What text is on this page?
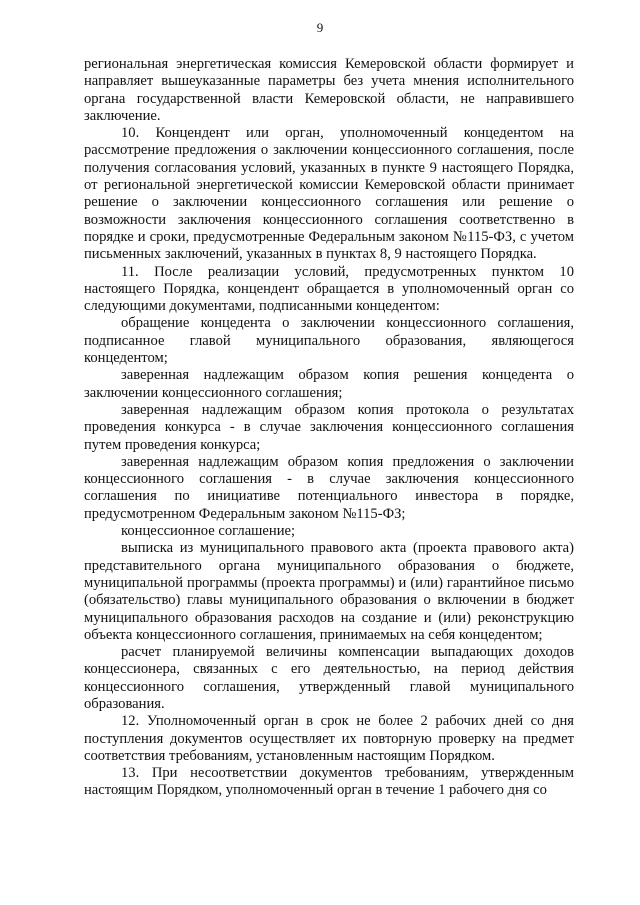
9

региональная энергетическая комиссия Кемеровской области формирует и направляет вышеуказанные параметры без учета мнения исполнительного органа государственной власти Кемеровской области, не направившего заключение.

10. Концендент или орган, уполномоченный концедентом на рассмотрение предложения о заключении концессионного соглашения, после получения согласования условий, указанных в пункте 9 настоящего Порядка, от региональной энергетической комиссии Кемеровской области принимает решение о заключении концессионного соглашения или решение о возможности заключения концессионного соглашения соответственно в порядке и сроки, предусмотренные Федеральным законом №115-ФЗ, с учетом письменных заключений, указанных в пунктах 8, 9 настоящего Порядка.

11. После реализации условий, предусмотренных пунктом 10 настоящего Порядка, концендент обращается в уполномоченный орган со следующими документами, подписанными концедентом:

обращение концедента о заключении концессионного соглашения, подписанное главой муниципального образования, являющегося концедентом;

заверенная надлежащим образом копия решения концедента о заключении концессионного соглашения;

заверенная надлежащим образом копия протокола о результатах проведения конкурса - в случае заключения концессионного соглашения путем проведения конкурса;

заверенная надлежащим образом копия предложения о заключении концессионного соглашения - в случае заключения концессионного соглашения по инициативе потенциального инвестора в порядке, предусмотренном Федеральным законом №115-ФЗ;

концессионное соглашение;

выписка из муниципального правового акта (проекта правового акта) представительного органа муниципального образования о бюджете, муниципальной программы (проекта программы) и (или) гарантийное письмо (обязательство) главы муниципального образования о включении в бюджет муниципального образования расходов на создание и (или) реконструкцию объекта концессионного соглашения, принимаемых на себя концедентом;

расчет планируемой величины компенсации выпадающих доходов концессионера, связанных с его деятельностью, на период действия концессионного соглашения, утвержденный главой муниципального образования.

12. Уполномоченный орган в срок не более 2 рабочих дней со дня поступления документов осуществляет их повторную проверку на предмет соответствия требованиям, установленным настоящим Порядком.

13. При несоответствии документов требованиям, утвержденным настоящим Порядком, уполномоченный орган в течение 1 рабочего дня со
